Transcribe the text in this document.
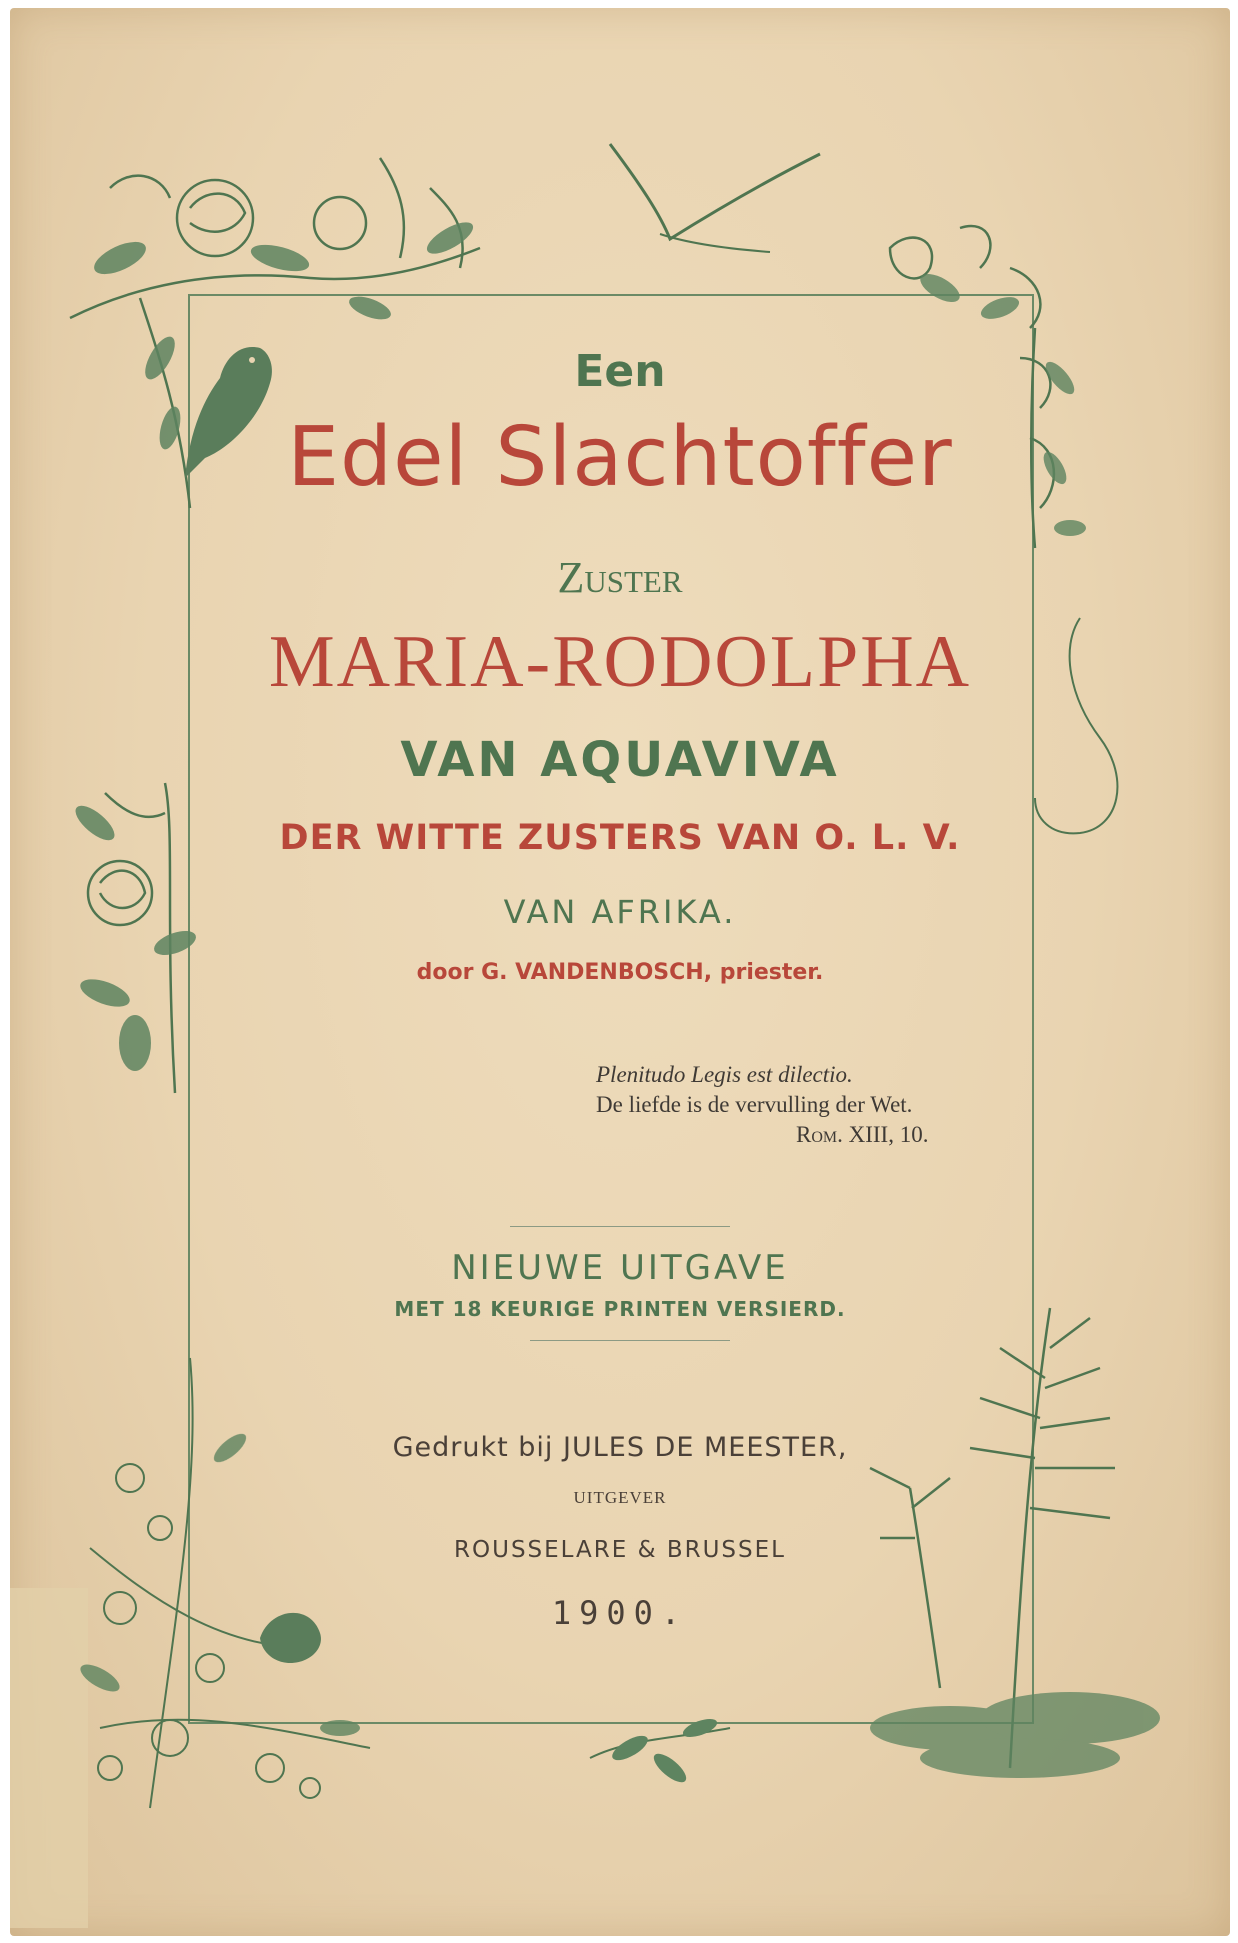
Een
Edel Slachtoffer
Zuster
MARIA-RODOLPHA
VAN AQUAVIVA
DER WITTE ZUSTERS VAN O. L. V.
VAN AFRIKA.
door G. VANDENBOSCH, priester.
Plenitudo Legis est dilectio.
De liefde is de vervulling der Wet.
Rom. XIII, 10.
NIEUWE UITGAVE
MET 18 KEURIGE PRINTEN VERSIERD.
Gedrukt bij JULES DE MEESTER,
UITGEVER
ROUSSELARE & BRUSSEL
1900.
